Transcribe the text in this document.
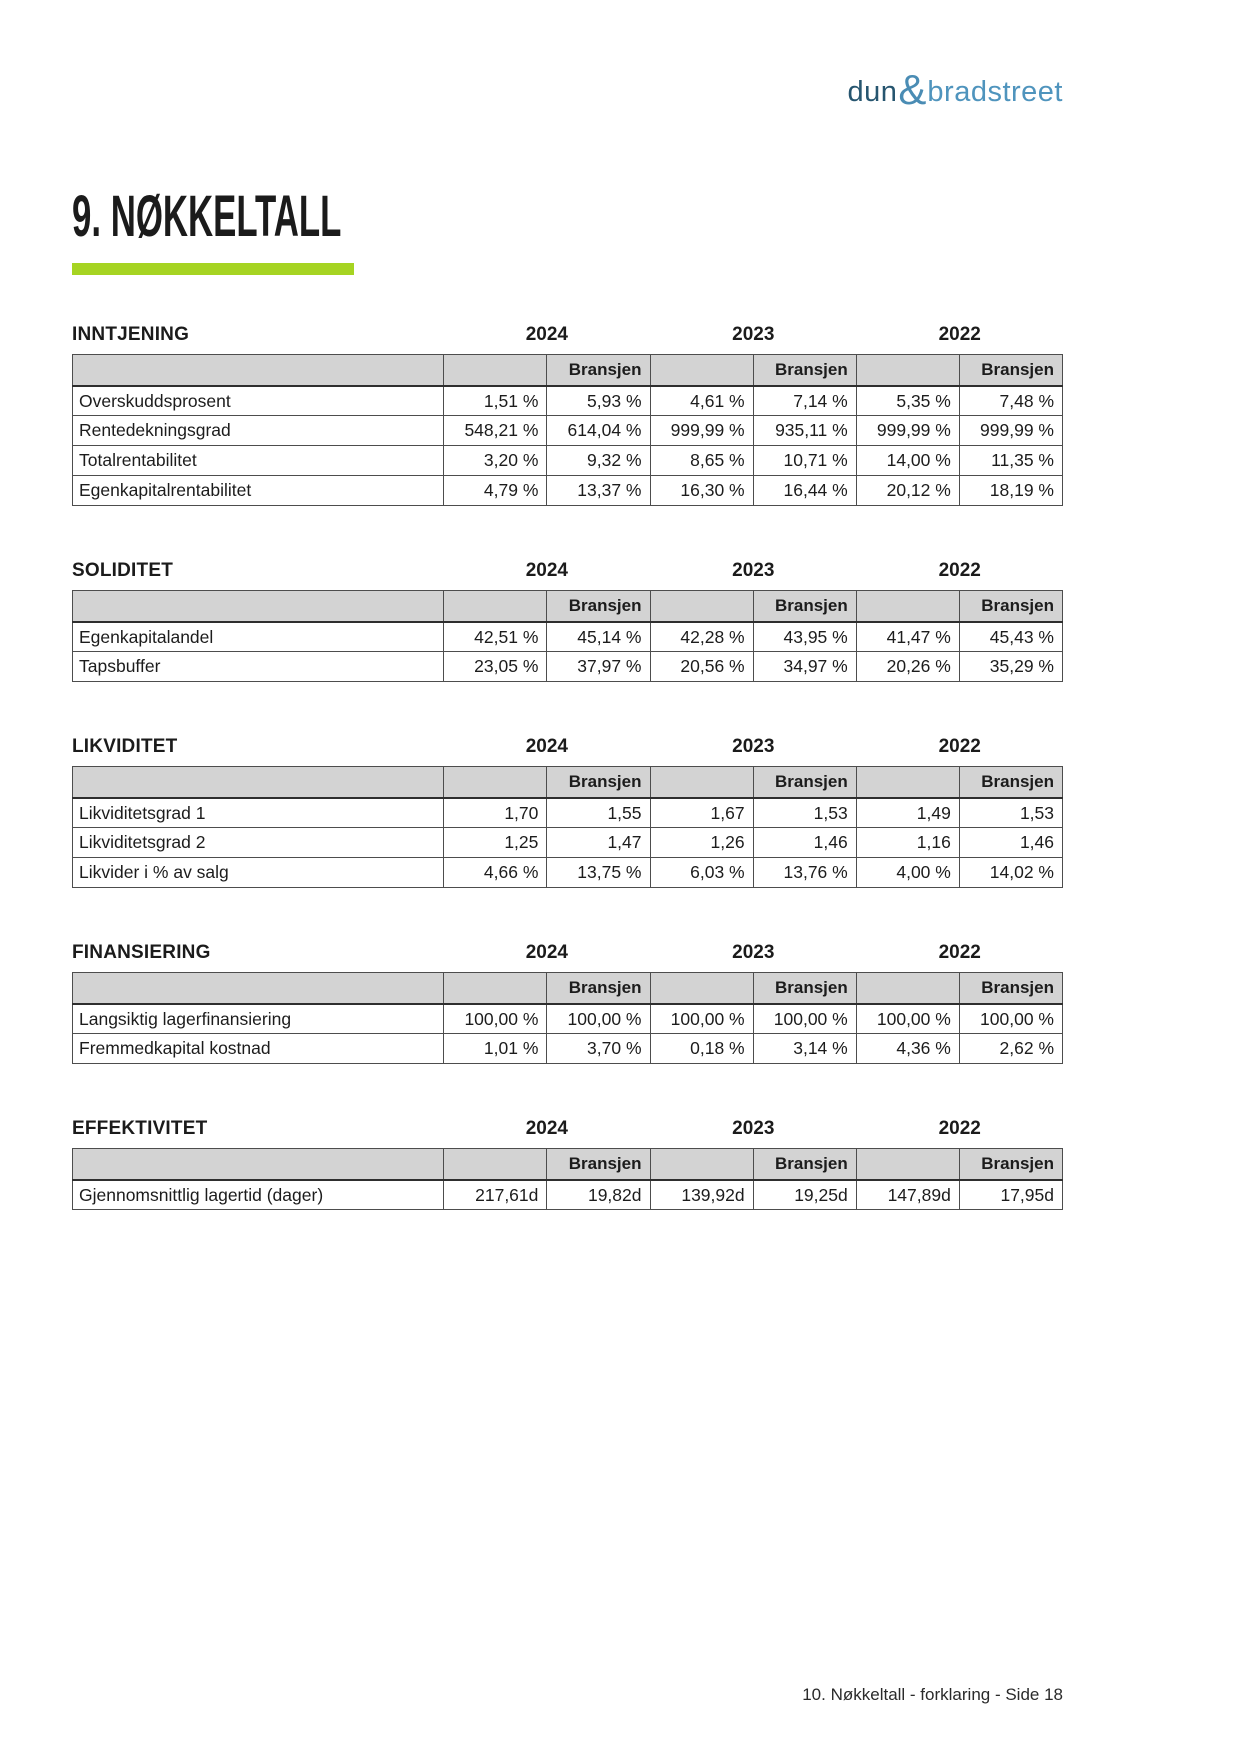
dun & bradstreet
9. NØKKELTALL
INNTJENING	2024	2023	2022
		Bransjen		Bransjen		Bransjen
Overskuddsprosent	1,51 %	5,93 %	4,61 %	7,14 %	5,35 %	7,48 %
Rentedekningsgrad	548,21 %	614,04 %	999,99 %	935,11 %	999,99 %	999,99 %
Totalrentabilitet	3,20 %	9,32 %	8,65 %	10,71 %	14,00 %	11,35 %
Egenkapitalrentabilitet	4,79 %	13,37 %	16,30 %	16,44 %	20,12 %	18,19 %
SOLIDITET	2024	2023	2022
		Bransjen		Bransjen		Bransjen
Egenkapitalandel	42,51 %	45,14 %	42,28 %	43,95 %	41,47 %	45,43 %
Tapsbuffer	23,05 %	37,97 %	20,56 %	34,97 %	20,26 %	35,29 %
LIKVIDITET	2024	2023	2022
		Bransjen		Bransjen		Bransjen
Likviditetsgrad 1	1,70	1,55	1,67	1,53	1,49	1,53
Likviditetsgrad 2	1,25	1,47	1,26	1,46	1,16	1,46
Likvider i % av salg	4,66 %	13,75 %	6,03 %	13,76 %	4,00 %	14,02 %
FINANSIERING	2024	2023	2022
		Bransjen		Bransjen		Bransjen
Langsiktig lagerfinansiering	100,00 %	100,00 %	100,00 %	100,00 %	100,00 %	100,00 %
Fremmedkapital kostnad	1,01 %	3,70 %	0,18 %	3,14 %	4,36 %	2,62 %
EFFEKTIVITET	2024	2023	2022
		Bransjen		Bransjen		Bransjen
Gjennomsnittlig lagertid (dager)	217,61d	19,82d	139,92d	19,25d	147,89d	17,95d
10. Nøkkeltall - forklaring - Side 18
